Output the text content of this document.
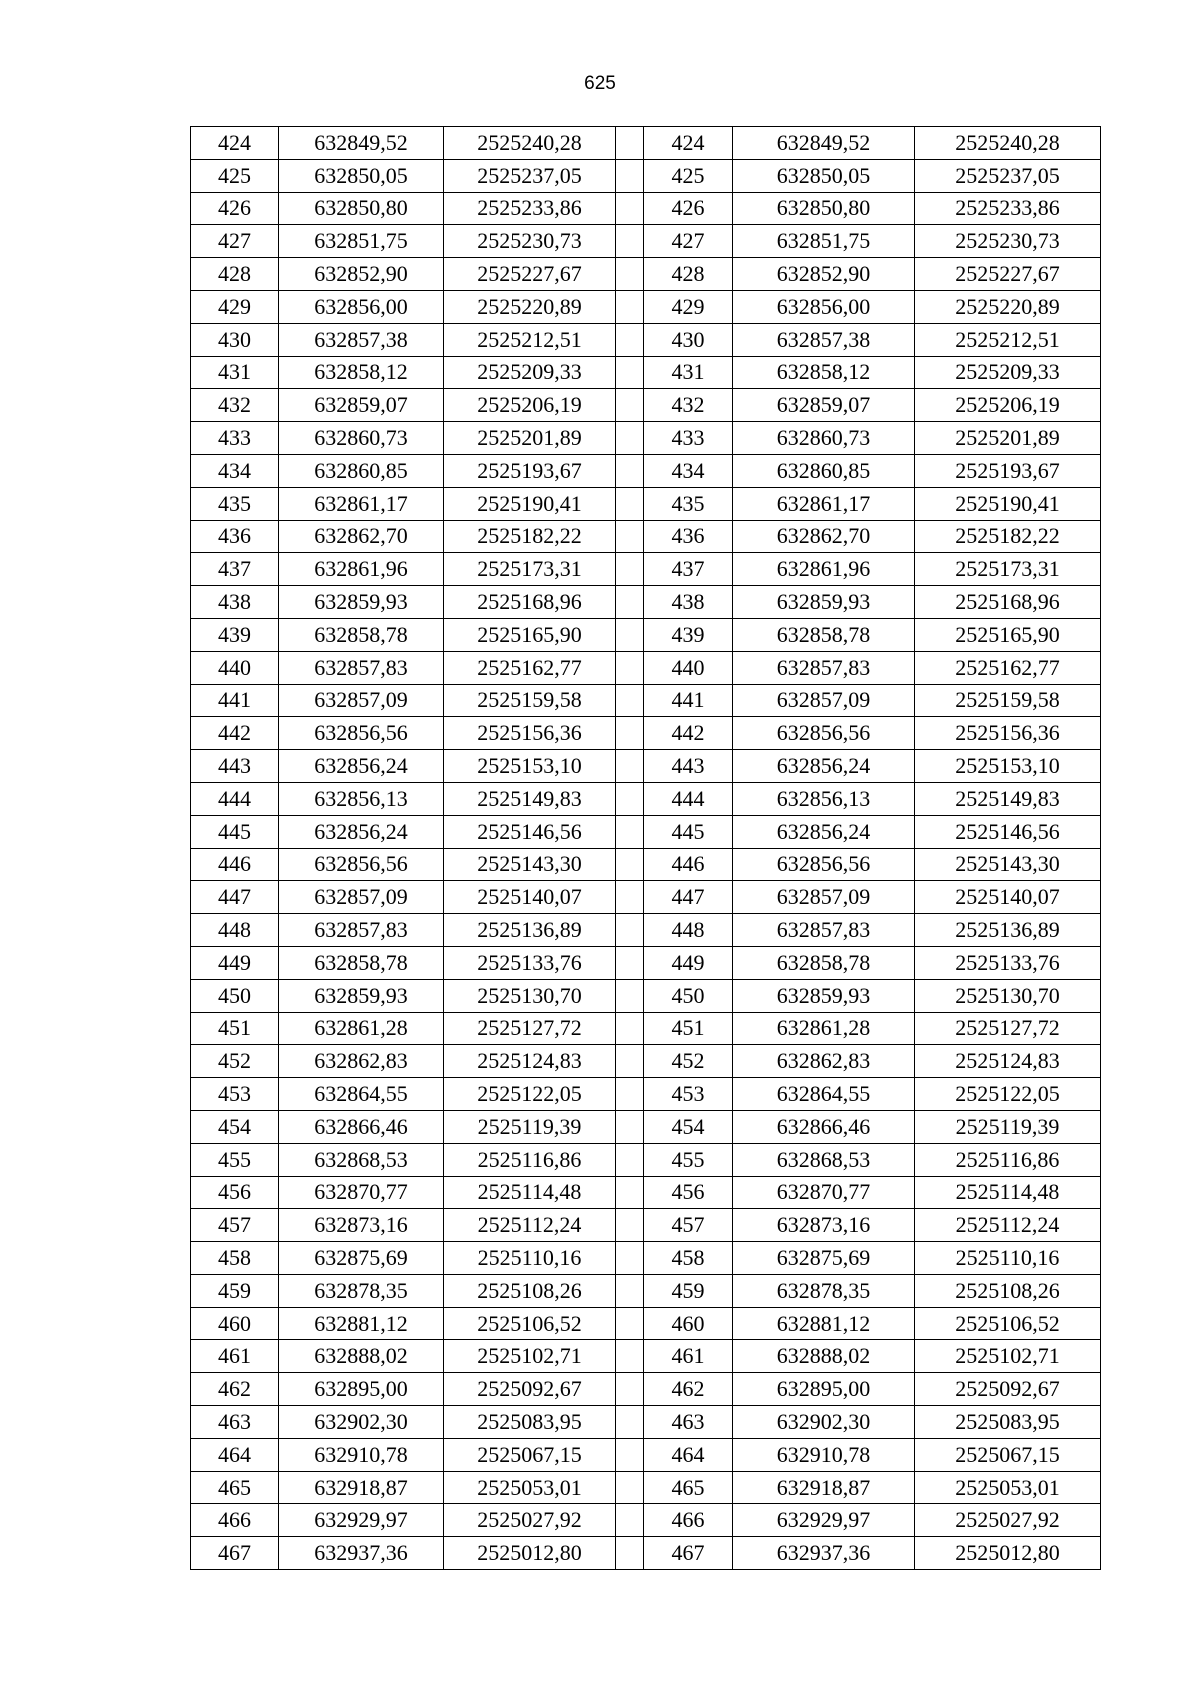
625
424	632849,52	2525240,28		424	632849,52	2525240,28
425	632850,05	2525237,05		425	632850,05	2525237,05
426	632850,80	2525233,86		426	632850,80	2525233,86
427	632851,75	2525230,73		427	632851,75	2525230,73
428	632852,90	2525227,67		428	632852,90	2525227,67
429	632856,00	2525220,89		429	632856,00	2525220,89
430	632857,38	2525212,51		430	632857,38	2525212,51
431	632858,12	2525209,33		431	632858,12	2525209,33
432	632859,07	2525206,19		432	632859,07	2525206,19
433	632860,73	2525201,89		433	632860,73	2525201,89
434	632860,85	2525193,67		434	632860,85	2525193,67
435	632861,17	2525190,41		435	632861,17	2525190,41
436	632862,70	2525182,22		436	632862,70	2525182,22
437	632861,96	2525173,31		437	632861,96	2525173,31
438	632859,93	2525168,96		438	632859,93	2525168,96
439	632858,78	2525165,90		439	632858,78	2525165,90
440	632857,83	2525162,77		440	632857,83	2525162,77
441	632857,09	2525159,58		441	632857,09	2525159,58
442	632856,56	2525156,36		442	632856,56	2525156,36
443	632856,24	2525153,10		443	632856,24	2525153,10
444	632856,13	2525149,83		444	632856,13	2525149,83
445	632856,24	2525146,56		445	632856,24	2525146,56
446	632856,56	2525143,30		446	632856,56	2525143,30
447	632857,09	2525140,07		447	632857,09	2525140,07
448	632857,83	2525136,89		448	632857,83	2525136,89
449	632858,78	2525133,76		449	632858,78	2525133,76
450	632859,93	2525130,70		450	632859,93	2525130,70
451	632861,28	2525127,72		451	632861,28	2525127,72
452	632862,83	2525124,83		452	632862,83	2525124,83
453	632864,55	2525122,05		453	632864,55	2525122,05
454	632866,46	2525119,39		454	632866,46	2525119,39
455	632868,53	2525116,86		455	632868,53	2525116,86
456	632870,77	2525114,48		456	632870,77	2525114,48
457	632873,16	2525112,24		457	632873,16	2525112,24
458	632875,69	2525110,16		458	632875,69	2525110,16
459	632878,35	2525108,26		459	632878,35	2525108,26
460	632881,12	2525106,52		460	632881,12	2525106,52
461	632888,02	2525102,71		461	632888,02	2525102,71
462	632895,00	2525092,67		462	632895,00	2525092,67
463	632902,30	2525083,95		463	632902,30	2525083,95
464	632910,78	2525067,15		464	632910,78	2525067,15
465	632918,87	2525053,01		465	632918,87	2525053,01
466	632929,97	2525027,92		466	632929,97	2525027,92
467	632937,36	2525012,80		467	632937,36	2525012,80
